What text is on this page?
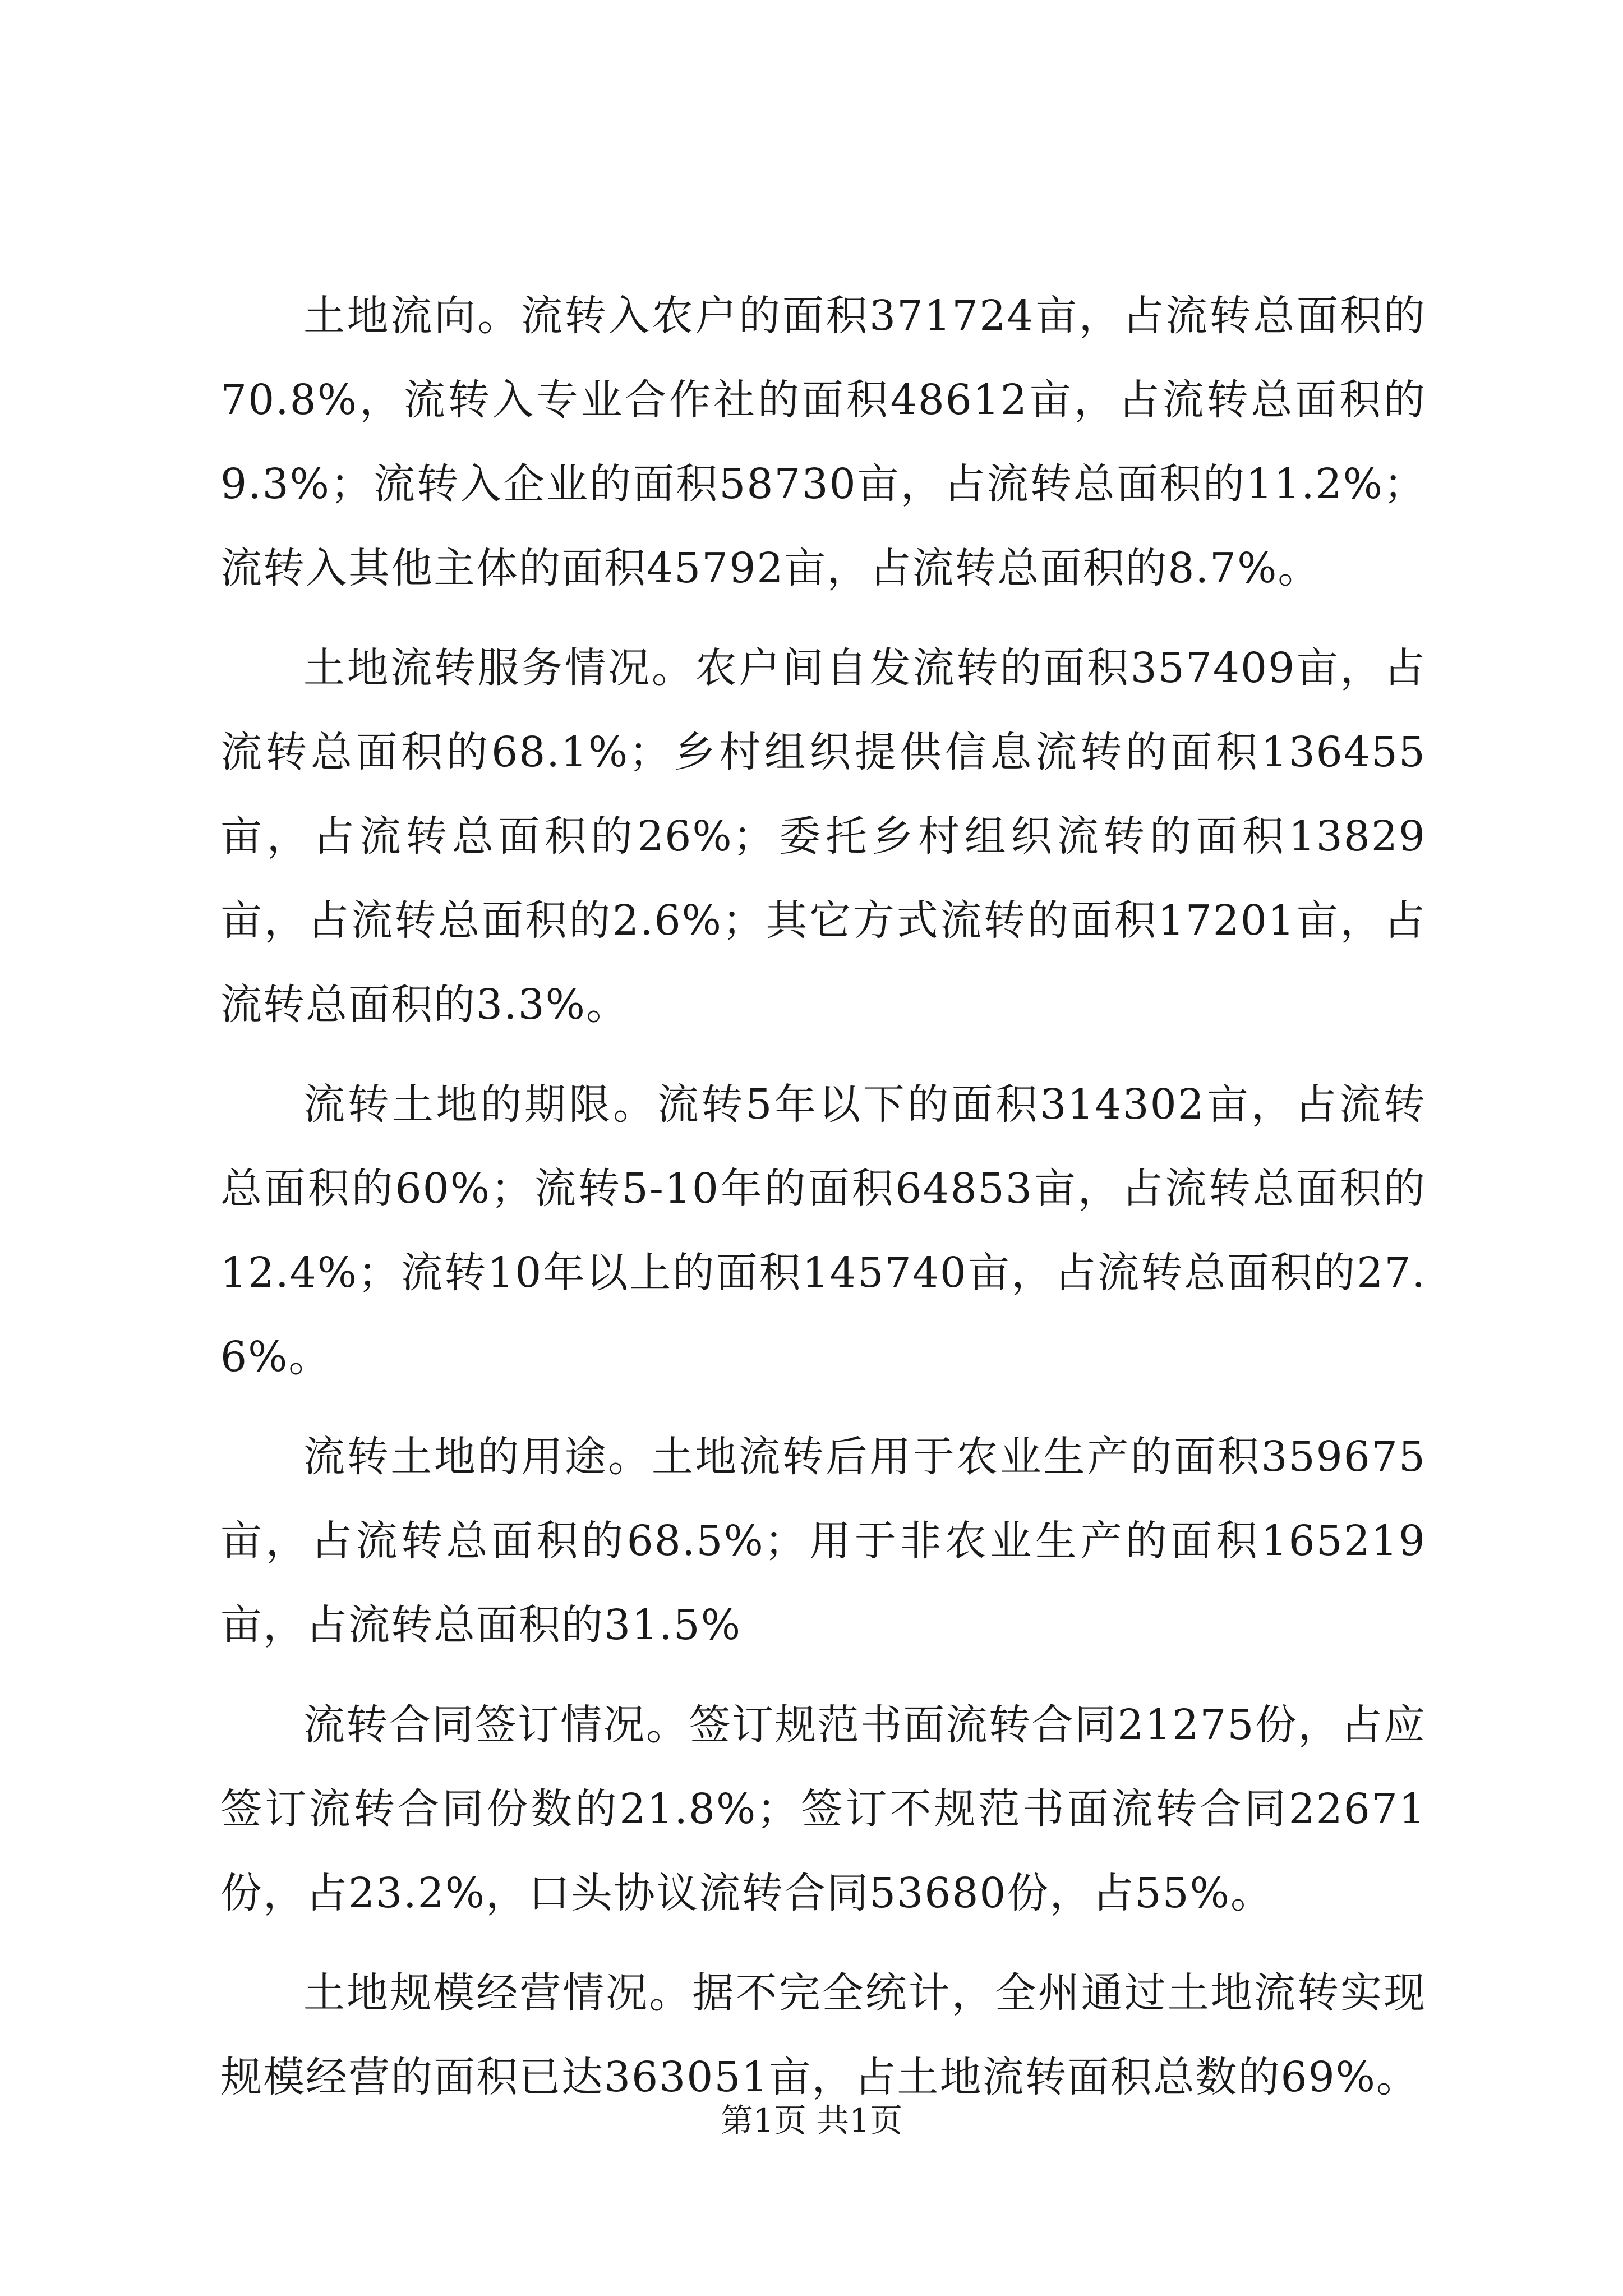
土地流向。流转入农户的面积371724亩，占流转总面积的70.8%，流转入专业合作社的面积48612亩，占流转总面积的9.3%；流转入企业的面积58730亩，占流转总面积的11.2%；流转入其他主体的面积45792亩，占流转总面积的8.7%。

土地流转服务情况。农户间自发流转的面积357409亩，占流转总面积的68.1%；乡村组织提供信息流转的面积136455亩，占流转总面积的26%；委托乡村组织流转的面积13829亩，占流转总面积的2.6%；其它方式流转的面积17201亩，占流转总面积的3.3%。

流转土地的期限。流转5年以下的面积314302亩，占流转总面积的60%；流转5-10年的面积64853亩，占流转总面积的12.4%；流转10年以上的面积145740亩，占流转总面积的27.6%。

流转土地的用途。土地流转后用于农业生产的面积359675亩，占流转总面积的68.5%；用于非农业生产的面积165219亩，占流转总面积的31.5%

流转合同签订情况。签订规范书面流转合同21275份，占应签订流转合同份数的21.8%；签订不规范书面流转合同22671份，占23.2%，口头协议流转合同53680份，占55%。

土地规模经营情况。据不完全统计，全州通过土地流转实现规模经营的面积已达363051亩，占土地流转面积总数的69%。

第1页 共1页
